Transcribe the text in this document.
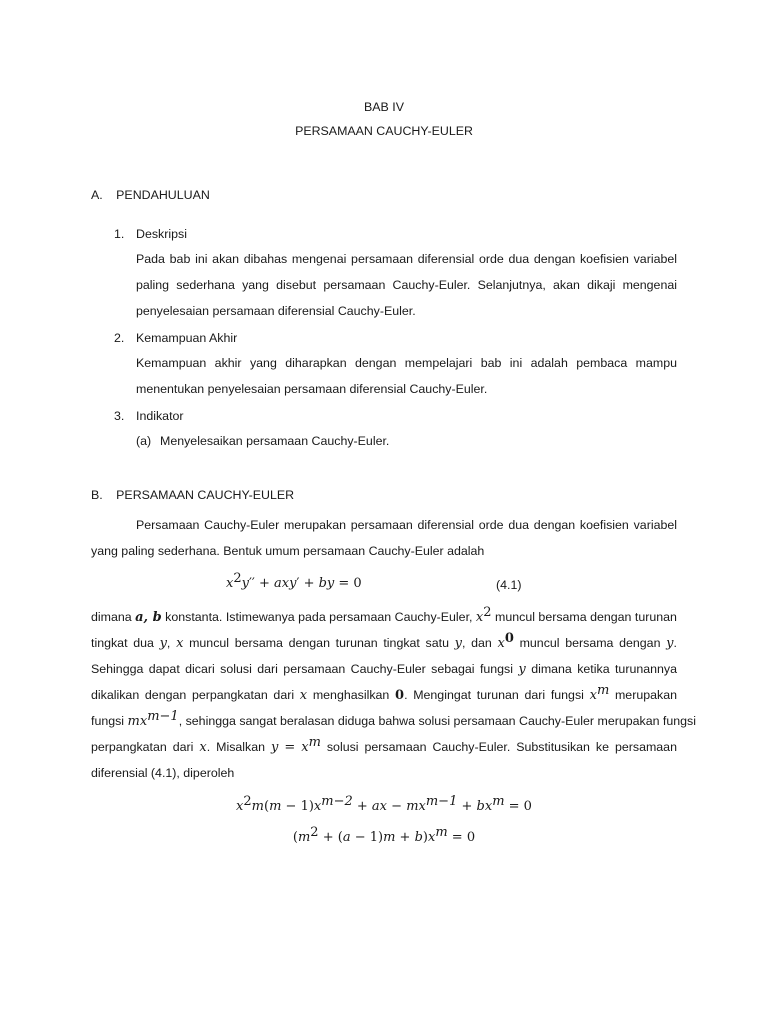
BAB IV
PERSAMAAN CAUCHY-EULER
A. PENDAHULUAN
1. Deskripsi
Pada bab ini akan dibahas mengenai persamaan diferensial orde dua dengan koefisien variabel
paling sederhana yang disebut persamaan Cauchy-Euler. Selanjutnya, akan dikaji mengenai
penyelesaian persamaan diferensial Cauchy-Euler.
2. Kemampuan Akhir
Kemampuan akhir yang diharapkan dengan mempelajari bab ini adalah pembaca mampu
menentukan penyelesaian persamaan diferensial Cauchy-Euler.
3. Indikator
(a) Menyelesaikan persamaan Cauchy-Euler.
B. PERSAMAAN CAUCHY-EULER
Persamaan Cauchy-Euler merupakan persamaan diferensial orde dua dengan koefisien variabel
yang paling sederhana. Bentuk umum persamaan Cauchy-Euler adalah
$x^2y'' + axy'$ + by = 0	(4.1)
dimana a, b konstanta. Istimewanya pada persamaan Cauchy-Euler, $x^2$ muncul bersama dengan turunan
tingkat dua y, x muncul bersama dengan turunan tingkat satu y, dan $x^0$ muncul bersama dengan y.
Sehingga dapat dicari solusi dari persamaan Cauchy-Euler sebagai fungsi y dimana ketika turunannya
dikalikan dengan perpangkatan dari x menghasilkan 0. Mengingat turunan dari fungsi $x^m$ merupakan
fungsi $mx^{m-1}$, sehingga sangat beralasan diduga bahwa solusi persamaan Cauchy-Euler merupakan fungsi
perpangkatan dari x. Misalkan $y = x^m$ solusi persamaan Cauchy-Euler. Substitusikan ke persamaan
diferensial (4.1), diperoleh
$x^2m(m - 1)x^{m-2}$ + ax − $mx^{m-1} + bx^m = 0$
$(m^2 + (a - 1)m + b)x^m = 0$
